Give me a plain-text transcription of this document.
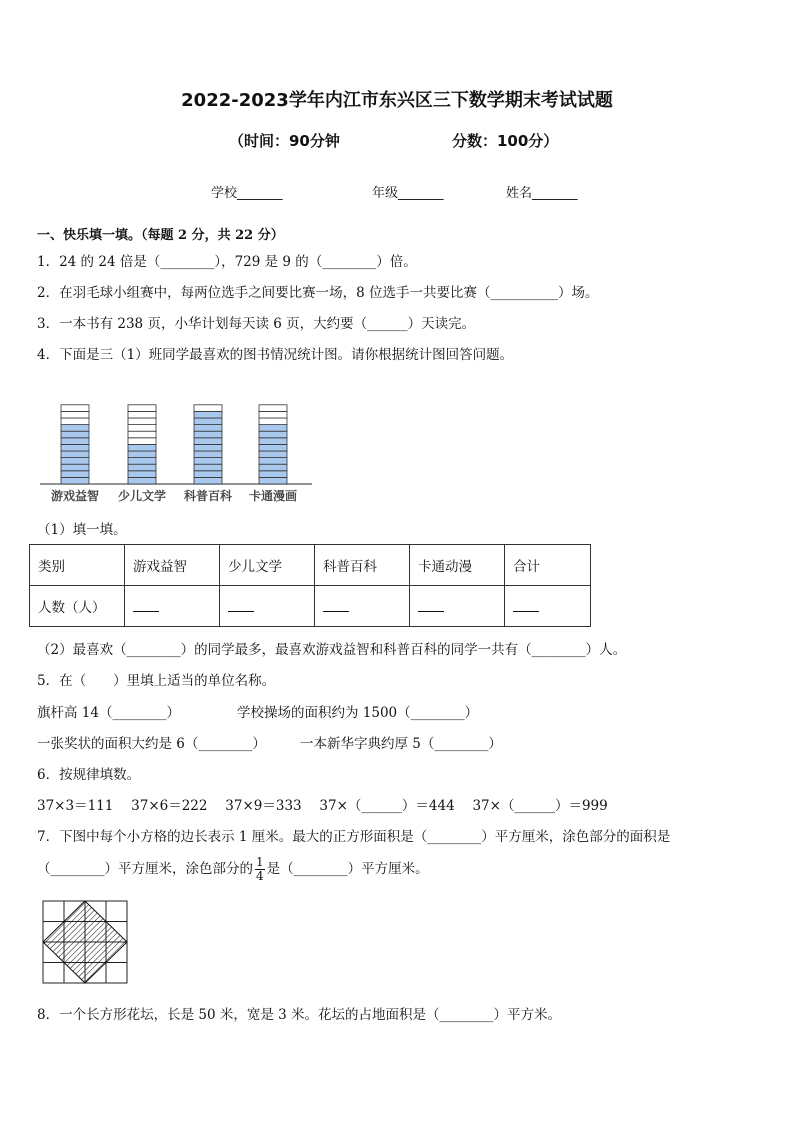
2022-2023学年内江市东兴区三下数学期末考试试题
（时间：90分钟	分数：100分）
学校_______	年级_______	姓名_______
一、快乐填一填。（每题 2 分，共 22 分）
1．24 的 24 倍是（________），729 是 9 的（________）倍。
2．在羽毛球小组赛中，每两位选手之间要比赛一场，8 位选手一共要比赛（__________）场。
3．一本书有 238 页，小华计划每天读 6 页，大约要（______）天读完。
4．下面是三（1）班同学最喜欢的图书情况统计图。请你根据统计图回答问题。
游戏益智 少儿文学 科普百科 卡通漫画
（1）填一填。
类别	游戏益智	少儿文学	科普百科	卡通动漫	合计
人数（人）					
（2）最喜欢（________）的同学最多，最喜欢游戏益智和科普百科的同学一共有（________）人。
5．在（　　）里填上适当的单位名称。
旗杆高 14（________）	学校操场的面积约为 1500（________）
一张奖状的面积大约是 6（________）	一本新华字典约厚 5（________）
6．按规律填数。
37×3＝111　 37×6＝222　 37×9＝333　 37×（______）＝444　 37×（______）＝999
7．下图中每个小方格的边长表示 1 厘米。最大的正方形面积是（________）平方厘米，涂色部分的面积是
（________）平方厘米，涂色部分的 $\frac{1}{4}$ 是（________）平方厘米。
8．一个长方形花坛，长是 50 米，宽是 3 米。花坛的占地面积是（________）平方米。
